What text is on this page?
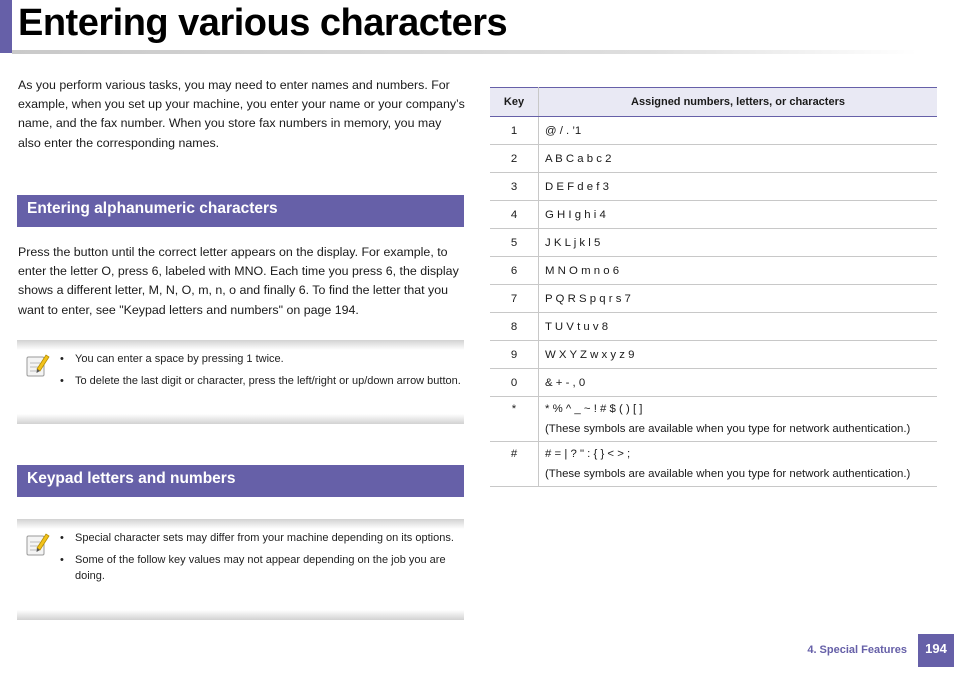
Entering various characters

As you perform various tasks, you may need to enter names and numbers. For example, when you set up your machine, you enter your name or your company’s name, and the fax number. When you store fax numbers in memory, you may also enter the corresponding names.

Entering alphanumeric characters

Press the button until the correct letter appears on the display. For example, to enter the letter O, press 6, labeled with MNO. Each time you press 6, the display shows a different letter, M, N, O, m, n, o and finally 6. To find the letter that you want to enter, see "Keypad letters and numbers" on page 194.

• You can enter a space by pressing 1 twice.
• To delete the last digit or character, press the left/right or up/down arrow button.
Keypad letters and numbers
• Special character sets may differ from your machine depending on its options.
• Some of the follow key values may not appear depending on the job you are doing.
Key	Assigned numbers, letters, or characters
1	@ / . ’1
2	A B C a b c 2
3	D E F d e f 3
4	G H I g h i 4
5	J K L j k l 5
6	M N O m n o 6
7	P Q R S p q r s 7
8	T U V t u v 8
9	W X Y Z w x y z 9
0	& + - , 0
*	* % ^ _ ~ ! # $ ( ) [ ]
(These symbols are available when you type for network authentication.)

#	# = | ? " : { } < > ;
(These symbols are available when you type for network authentication.)
4. Special Features	194
